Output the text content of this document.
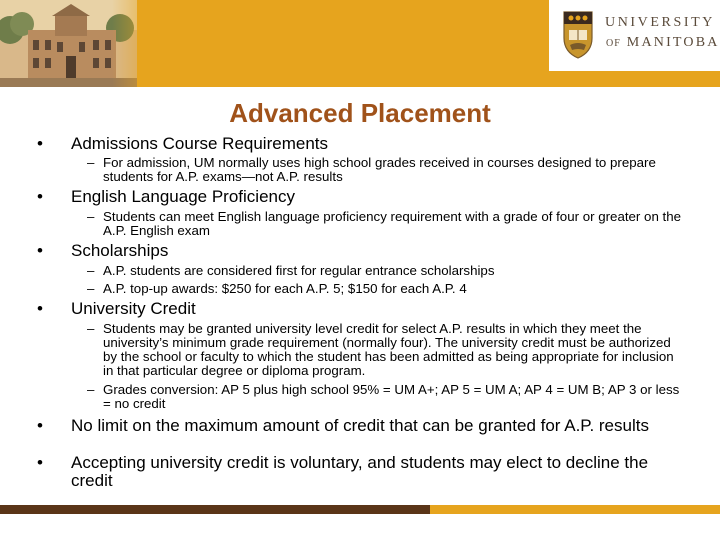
UNIVERSITY
OF MANITOBA
Advanced Placement
• Admissions Course Requirements
– For admission, UM normally uses high school grades received in courses designed to prepare students for A.P. exams—not A.P. results
• English Language Proficiency
– Students can meet English language proficiency requirement with a grade of four or greater on the A.P. English exam
• Scholarships
– A.P. students are considered first for regular entrance scholarships
– A.P. top-up awards: $250 for each A.P. 5; $150 for each A.P. 4
• University Credit
– Students may be granted university level credit for select A.P. results in which they meet the university’s minimum grade requirement (normally four). The university credit must be authorized by the school or faculty to which the student has been admitted as being appropriate for inclusion in that particular degree or diploma program.
– Grades conversion: AP 5 plus high school 95% = UM A+; AP 5 = UM A; AP 4 = UM B; AP 3 or less = no credit
• No limit on the maximum amount of credit that can be granted for A.P. results
• Accepting university credit is voluntary, and students may elect to decline the credit
